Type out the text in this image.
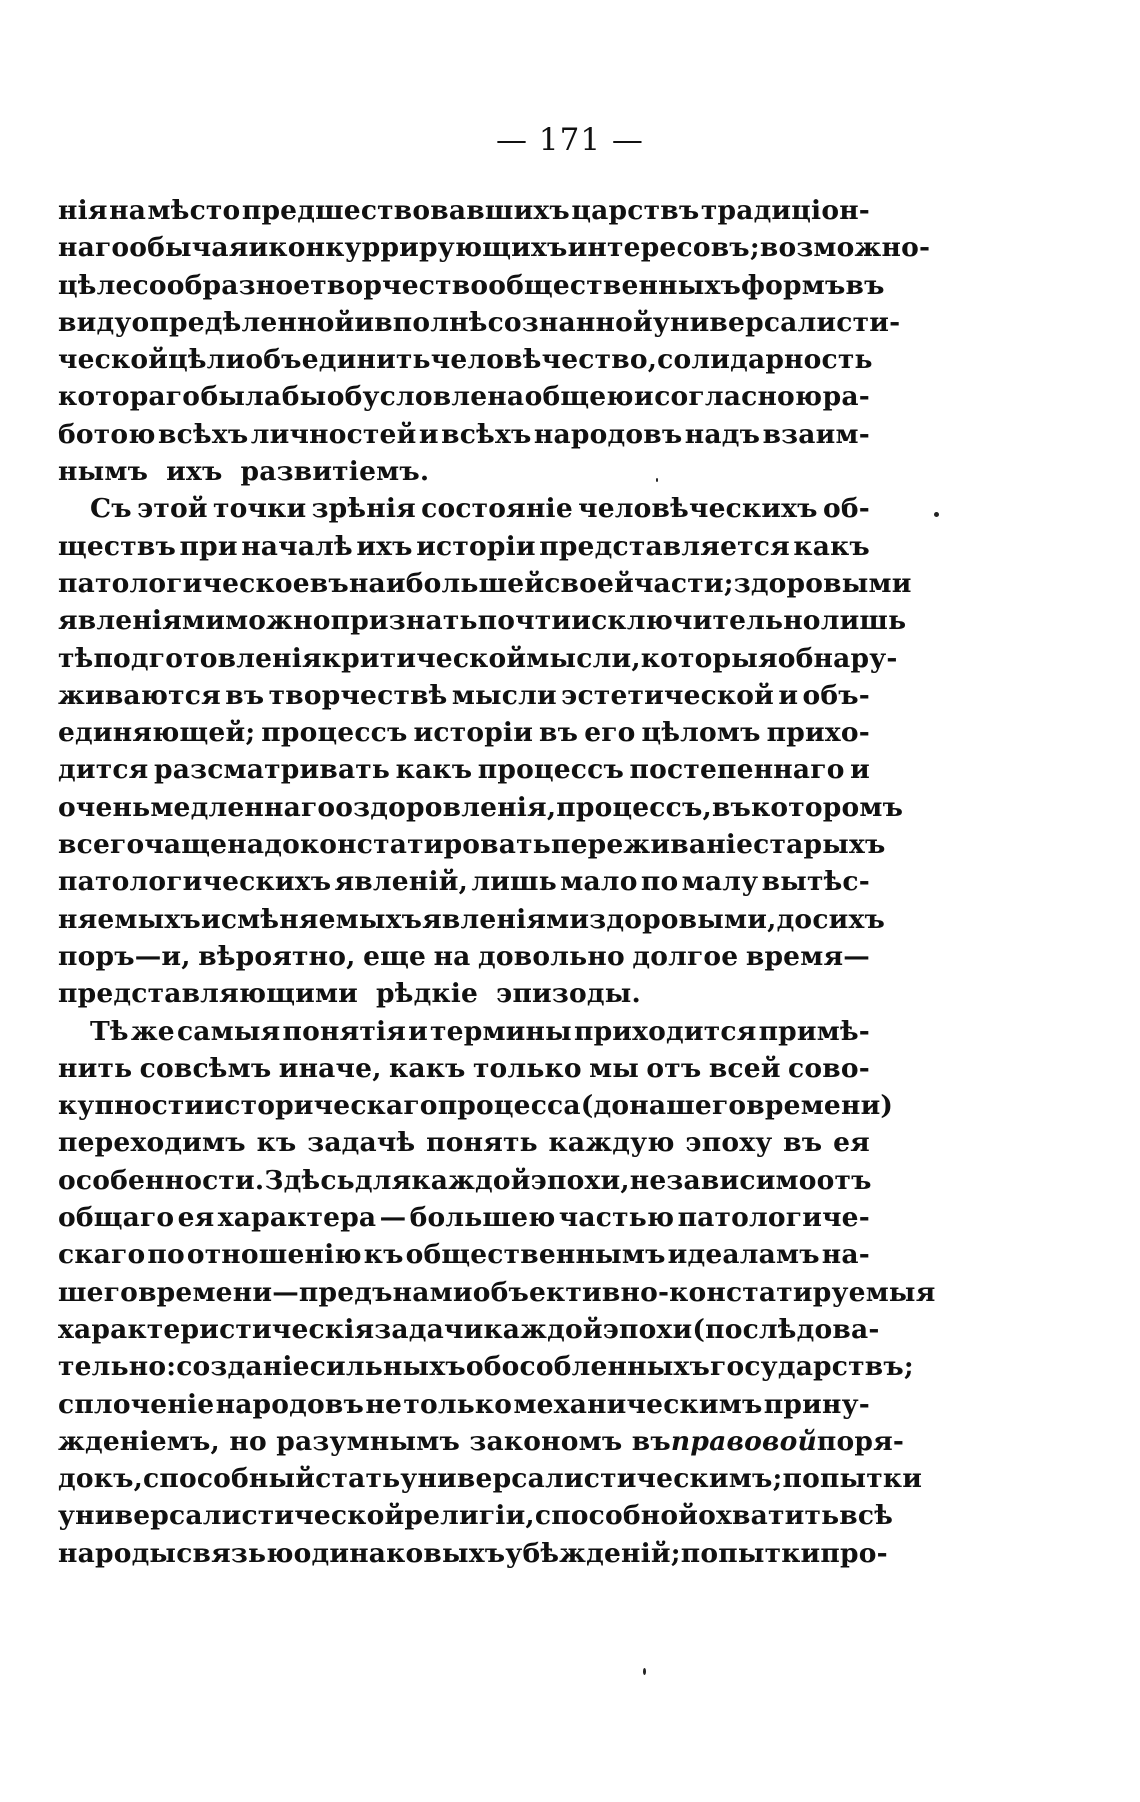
— 171 —
нія на мѣсто предшествовавшихъ царствъ традиціон-
наго обычая и конкуррирующихъ интересовъ; возможно-
цѣлесообразное творчество общественныхъ формъ въ
виду опредѣленной и вполнѣ сознанной универсалисти-
ческой цѣли объединить человѣчество, солидарность
котораго была бы обусловлена общею и согласною ра-
ботою всѣхъ личностей и всѣхъ народовъ надъ взаим-
нымъ ихъ развитіемъ.
Съ этой точки зрѣнія состояніе человѣческихъ об-
ществъ при началѣ ихъ исторіи представляется какъ
патологическое въ наибольшей своей части; здоровыми
явленіями можно признать почти исключительно лишь
тѣ подготовленія критической мысли, которыя обнару-
живаются въ творчествѣ мысли эстетической и объ-
единяющей; процессъ исторіи въ его цѣломъ прихо-
дится разсматривать какъ процессъ постепеннаго и
очень медленнаго оздоровленія, процессъ, въ которомъ
всего чаще надо констатировать переживаніе старыхъ
патологическихъ явленій, лишь мало по малу вытѣс-
няемыхъ и смѣняемыхъ явленіями здоровыми, до сихъ
поръ—и, вѣроятно, еще на довольно долгое время—
представляющими рѣдкіе эпизоды.
Тѣ же самыя понятія и термины приходится примѣ-
нить совсѣмъ иначе, какъ только мы отъ всей сово-
купности историческаго процесса (до нашего времени)
переходимъ къ задачѣ понять каждую эпоху въ ея
особенности. Здѣсь для каждой эпохи, независимо отъ
общаго ея характера — большею частью патологиче-
скаго по отношенію къ общественнымъ идеаламъ на-
шего времени—предъ нами объективно-констатируемыя
характеристическія задачи каждой эпохи (послѣдова-
тельно: созданіе сильныхъ обособленныхъ государствъ;
сплоченіе народовъ не только механическимъ прину-
жденіемъ, но разумнымъ закономъ въ правовой поря-
докъ, способный стать универсалистическимъ; попытки
универсалистической религіи, способной охватить всѣ
народы связью одинаковыхъ убѣжденій; попытки про-
